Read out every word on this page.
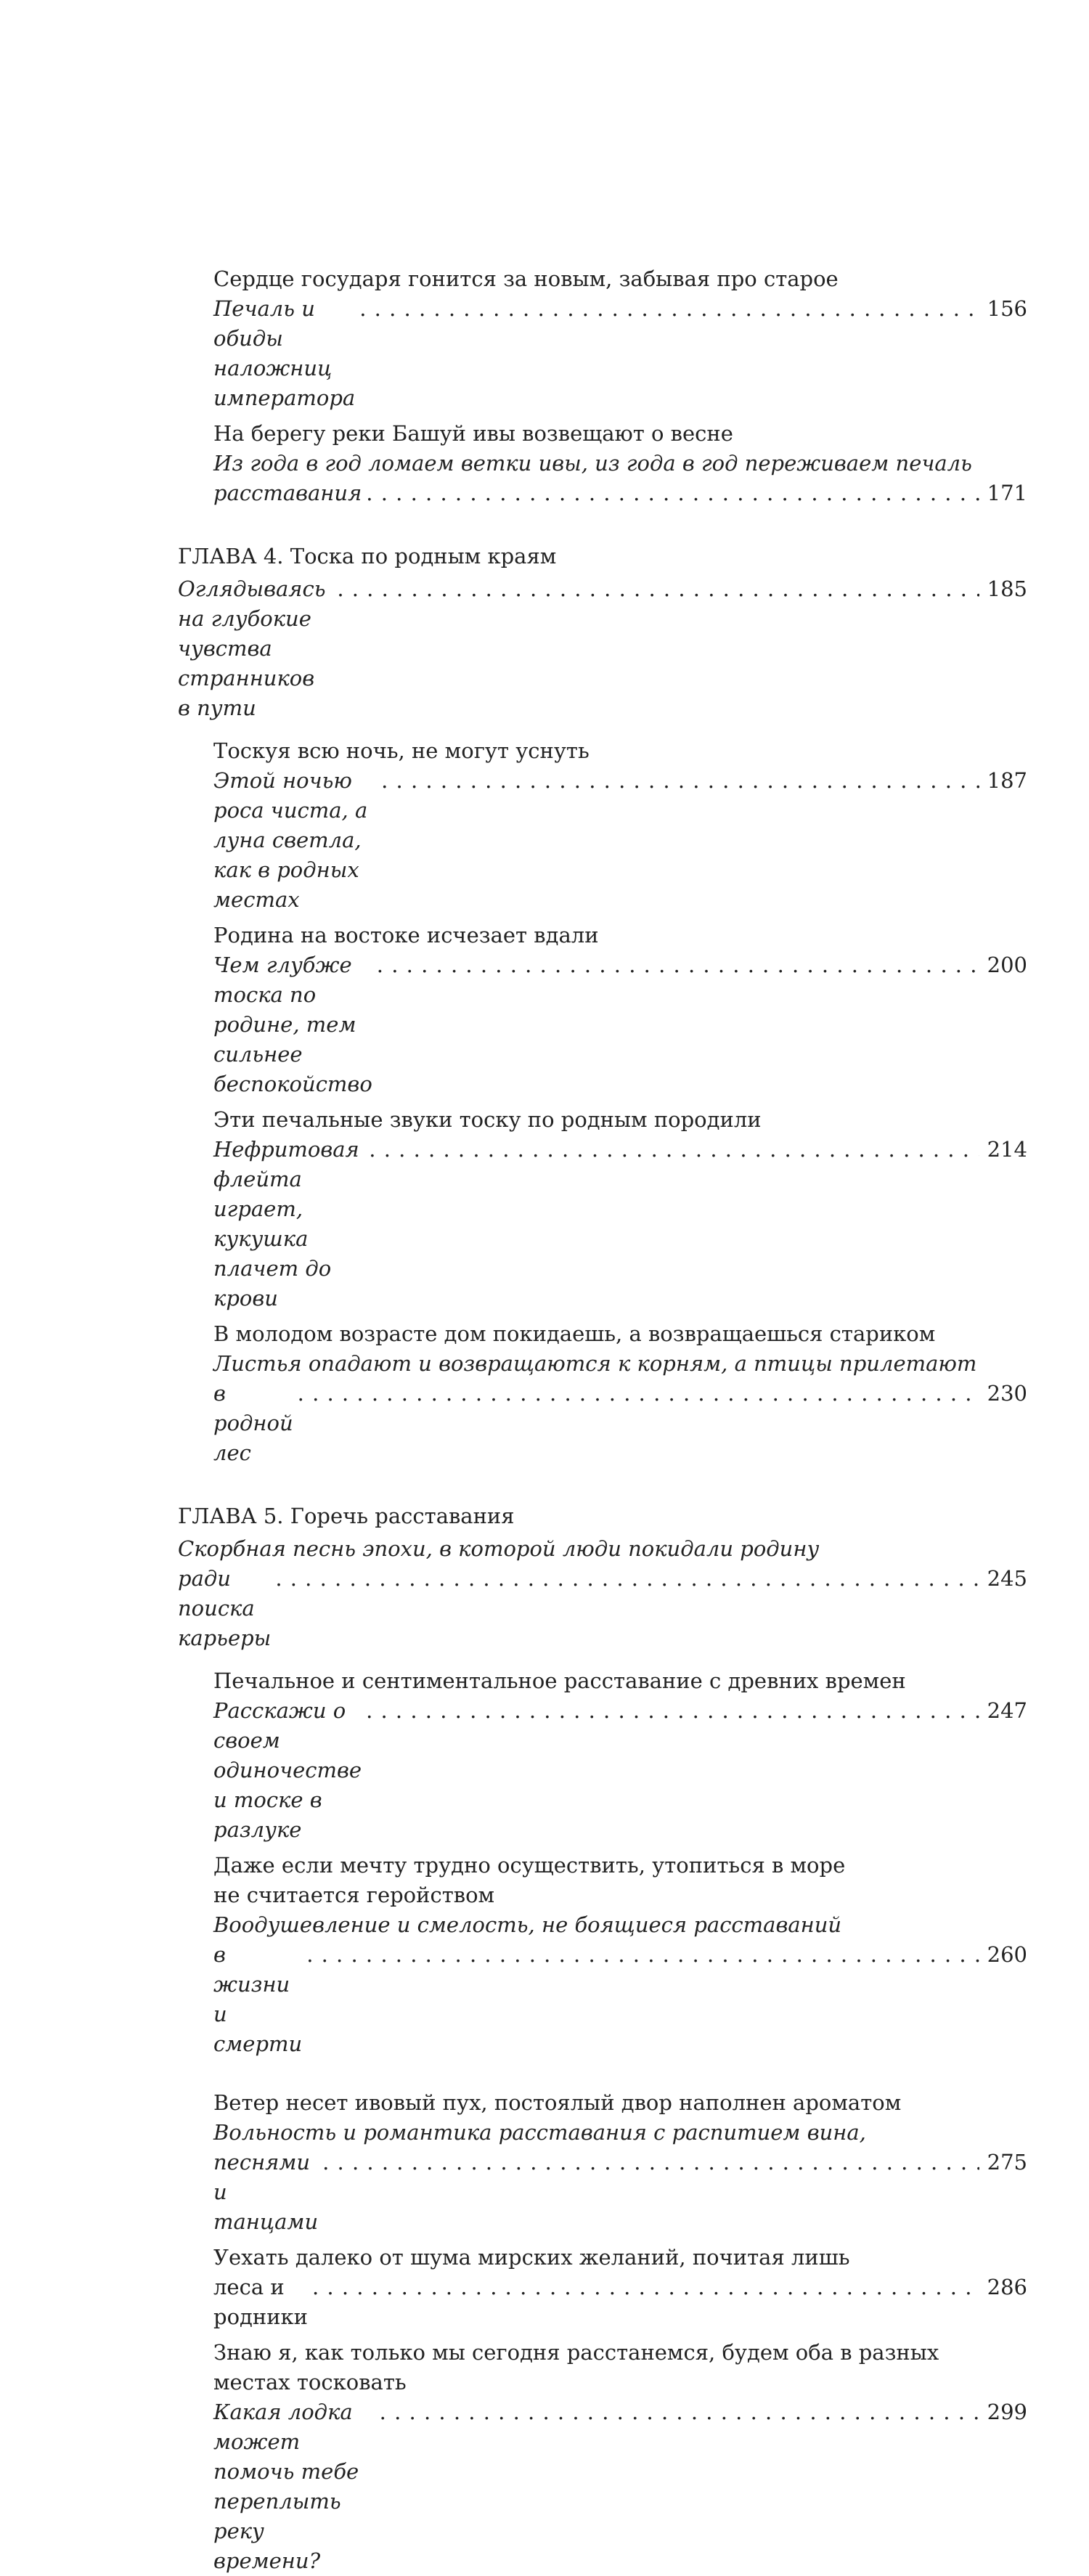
Сердце государя гонится за новым, забывая про старое
Печаль и обиды наложниц императора
. . .
156
На берегу реки Башуй ивы возвещают о весне
Из года в год ломаем ветки ивы, из года в год переживаем печаль
расставания
. . .	171
ГЛАВА 4. Тоска по родным краям
Оглядываясь на глубокие чувства странников в пути
. . .
185
Тоскуя всю ночь, не могут уснуть
Этой ночью роса чиста, а луна светла, как в родных местах
. . .
187
Родина на востоке исчезает вдали
Чем глубже тоска по родине, тем сильнее беспокойство
. . .
200
Эти печальные звуки тоску по родным породили
Нефритовая флейта играет, кукушка плачет до крови
. . .
214
В молодом возрасте дом покидаешь, а возвращаешься стариком
Листья опадают и возвращаются к корням, а птицы прилетают
в родной лес
. . .
230
ГЛАВА 5. Горечь расставания
Скорбная песнь эпохи, в которой люди покидали родину
ради поиска карьеры
. . .
245
Печальное и сентиментальное расставание с древних времен
Расскажи о своем одиночестве и тоске в разлуке
. . .
247
Даже если мечту трудно осуществить, утопиться в море
не считается геройством
Воодушевление и смелость, не боящиеся расставаний
в жизни и смерти
. . .
260
Ветер несет ивовый пух, постоялый двор наполнен ароматом
Вольность и романтика расставания с распитием вина,
песнями и танцами
. . .
275
Уехать далеко от шума мирских желаний, почитая лишь
леса и родники
. . .
286
Знаю я, как только мы сегодня расстанемся, будем оба в разных
местах тосковать
Какая лодка может помочь тебе переплыть реку времени?
. . .
299
